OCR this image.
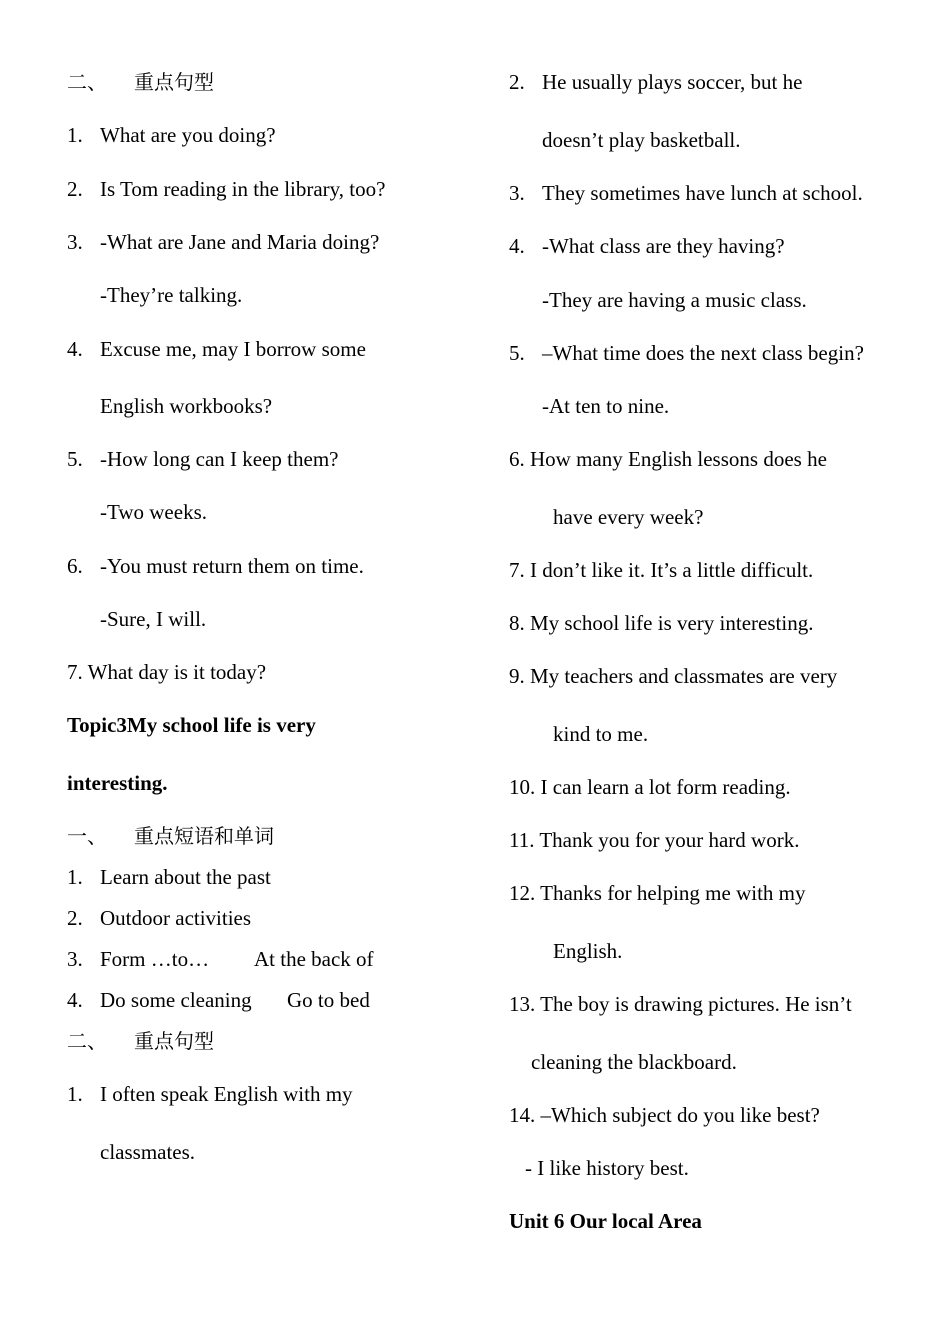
二、 重点句型
1. What are you doing?
2. Is Tom reading in the library, too?
3. -What are Jane and Maria doing?
-They’re talking.
4. Excuse me, may I borrow some
English workbooks?
5. -How long can I keep them?
-Two weeks.
6. -You must return them on time.
-Sure, I will.
7. What day is it today?
Topic3My school life is very
interesting.
一、 重点短语和单词
1. Learn about the past
2. Outdoor activities
3. Form …to… At the back of
4. Do some cleaning Go to bed
二、 重点句型
1. I often speak English with my
classmates.
2. He usually plays soccer, but he
doesn’t play basketball.
3. They sometimes have lunch at school.
4. -What class are they having?
-They are having a music class.
5. –What time does the next class begin?
-At ten to nine.
6. How many English lessons does he
have every week?
7. I don’t like it. It’s a little difficult.
8. My school life is very interesting.
9. My teachers and classmates are very
kind to me.
10. I can learn a lot form reading.
11. Thank you for your hard work.
12. Thanks for helping me with my
English.
13. The boy is drawing pictures. He isn’t
cleaning the blackboard.
14. –Which subject do you like best?
- I like history best.
Unit 6 Our local Area
